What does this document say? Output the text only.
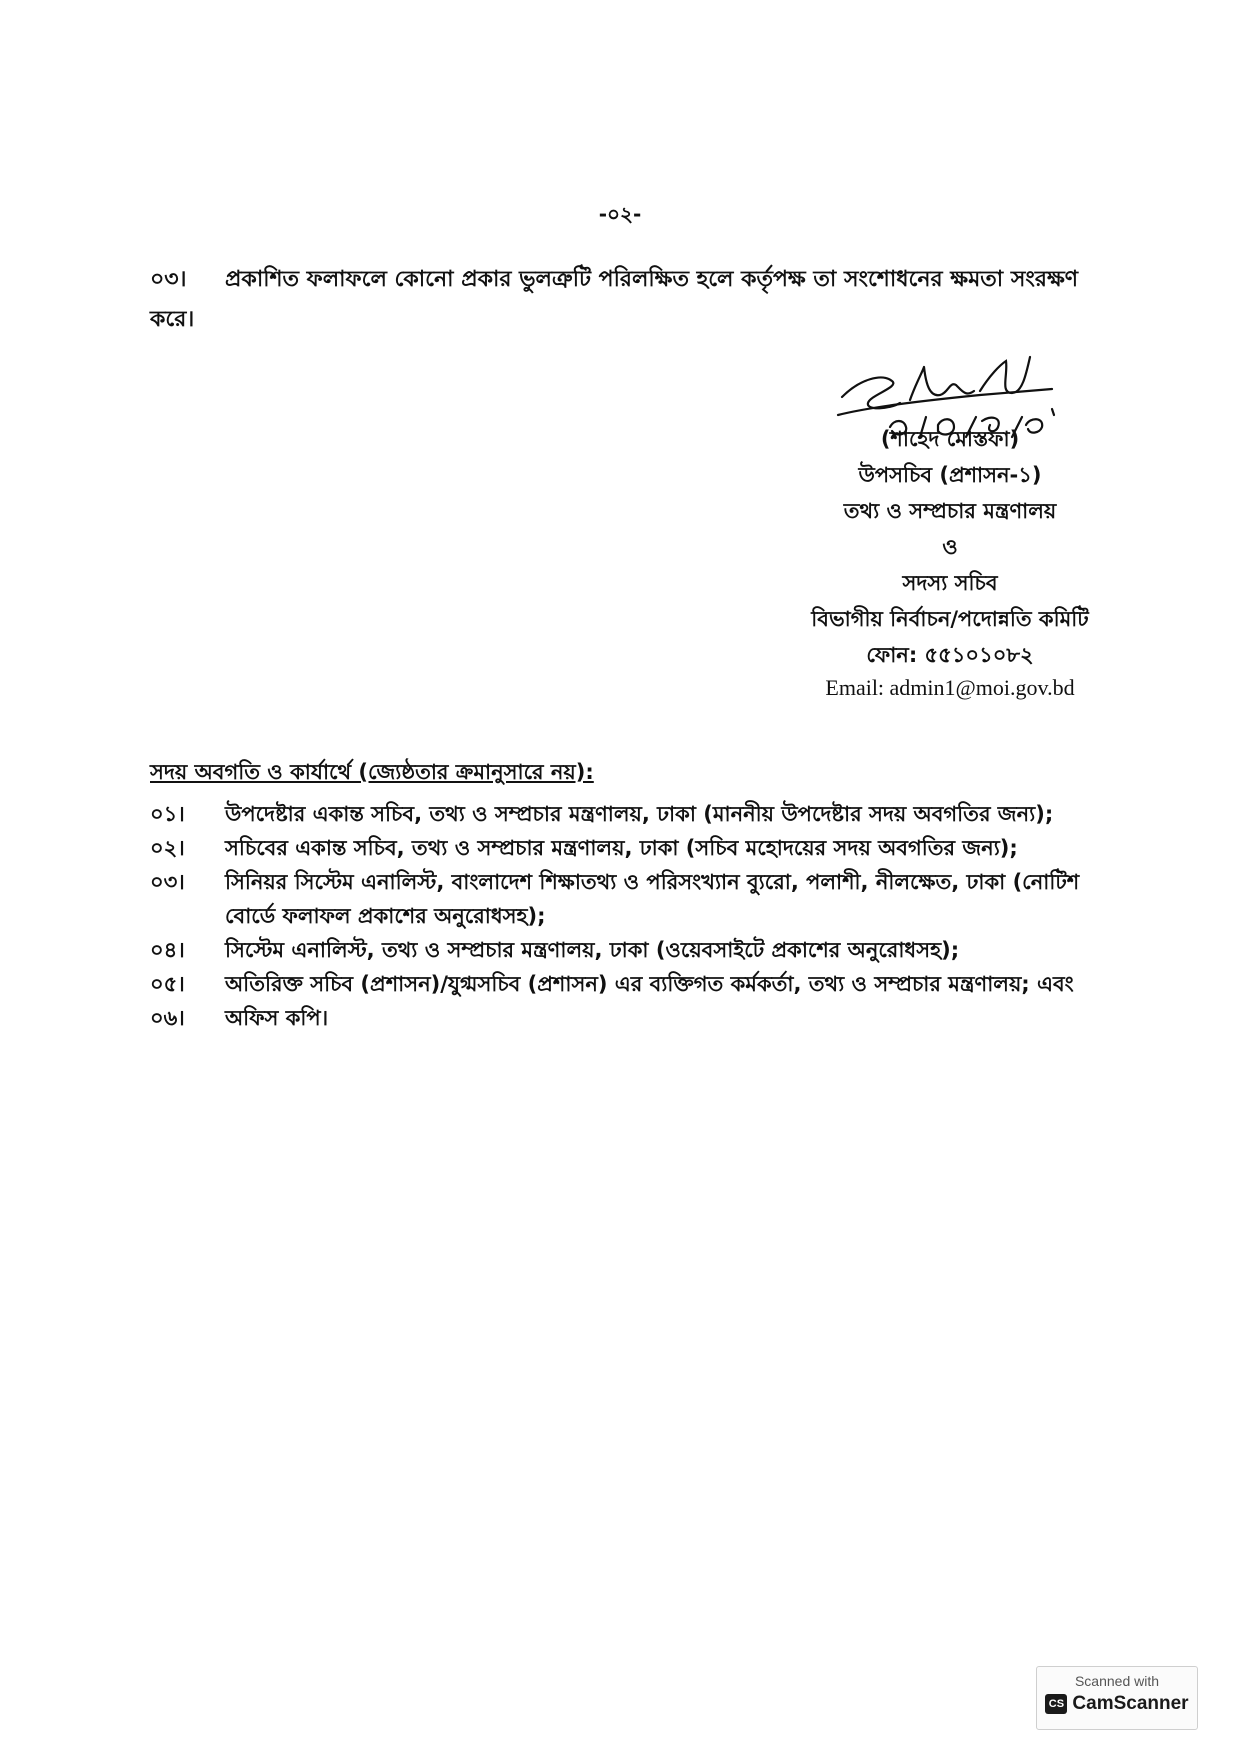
-০২-
০৩। প্রকাশিত ফলাফলে কোনো প্রকার ভুলত্রুটি পরিলক্ষিত হলে কর্তৃপক্ষ তা সংশোধনের ক্ষমতা সংরক্ষণ করে।
(শাহেদ মোস্তফা)
উপসচিব (প্রশাসন-১)
তথ্য ও সম্প্রচার মন্ত্রণালয়
ও
সদস্য সচিব
বিভাগীয় নির্বাচন/পদোন্নতি কমিটি
ফোন: ৫৫১০১০৮২
Email: admin1@moi.gov.bd
সদয় অবগতি ও কার্যার্থে (জ্যেষ্ঠতার ক্রমানুসারে নয়):
০১।	উপদেষ্টার একান্ত সচিব, তথ্য ও সম্প্রচার মন্ত্রণালয়, ঢাকা (মাননীয় উপদেষ্টার সদয় অবগতির জন্য);
০২।	সচিবের একান্ত সচিব, তথ্য ও সম্প্রচার মন্ত্রণালয়, ঢাকা (সচিব মহোদয়ের সদয় অবগতির জন্য);
০৩।	সিনিয়র সিস্টেম এনালিস্ট, বাংলাদেশ শিক্ষাতথ্য ও পরিসংখ্যান ব্যুরো, পলাশী, নীলক্ষেত, ঢাকা (নোটিশ বোর্ডে ফলাফল প্রকাশের অনুরোধসহ);
০৪।	সিস্টেম এনালিস্ট, তথ্য ও সম্প্রচার মন্ত্রণালয়, ঢাকা (ওয়েবসাইটে প্রকাশের অনুরোধসহ);
০৫।	অতিরিক্ত সচিব (প্রশাসন)/যুগ্মসচিব (প্রশাসন) এর ব্যক্তিগত কর্মকর্তা, তথ্য ও সম্প্রচার মন্ত্রণালয়; এবং
০৬।	অফিস কপি।
Scanned with
CS CamScanner
